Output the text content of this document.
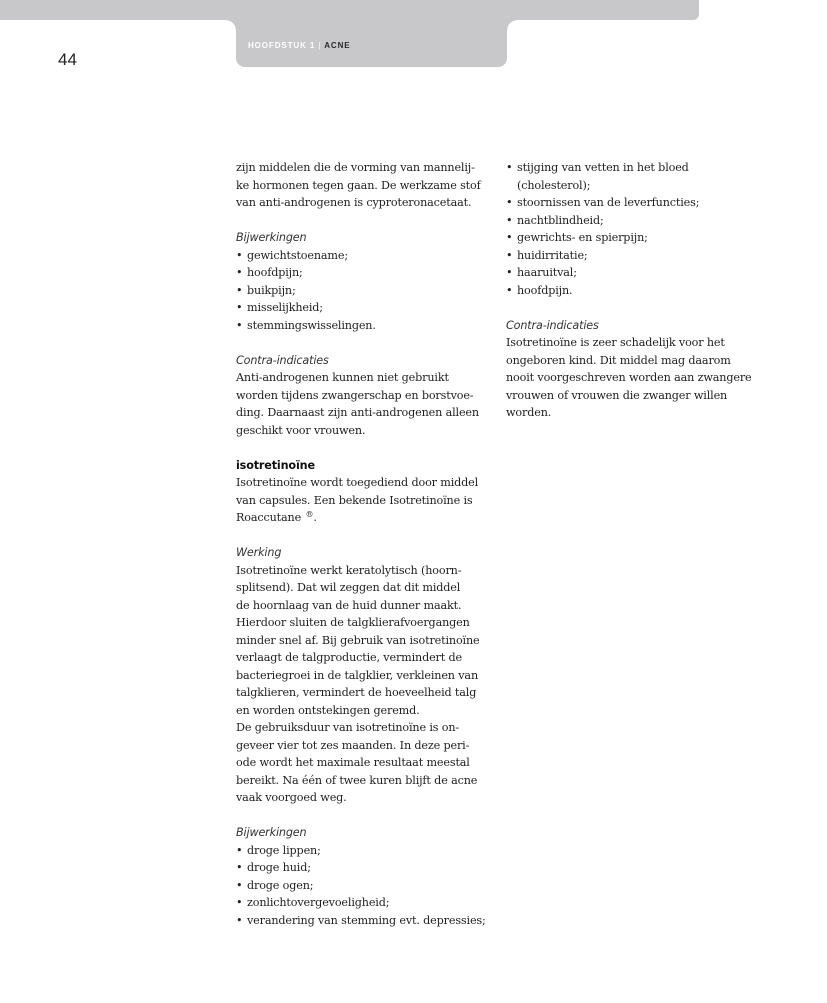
HOOFDSTUK 1 | ACNE
44
zijn middelen die de vorming van mannelij-
ke hormonen tegen gaan. De werkzame stof
van anti-androgenen is cyproteronacetaat.
Bijwerkingen
• gewichtstoename;
• hoofdpijn;
• buikpijn;
• misselijkheid;
• stemmingswisselingen.
Contra-indicaties
Anti-androgenen kunnen niet gebruikt
worden tijdens zwangerschap en borstvoe-
ding. Daarnaast zijn anti-androgenen alleen
geschikt voor vrouwen.
isotretinoïne
Isotretinoïne wordt toegediend door middel
van capsules. Een bekende Isotretinoïne is
Roaccutane ®.
Werking
Isotretinoïne werkt keratolytisch (hoorn-
splitsend). Dat wil zeggen dat dit middel
de hoornlaag van de huid dunner maakt.
Hierdoor sluiten de talgklierafvoergangen
minder snel af. Bij gebruik van isotretinoïne
verlaagt de talgproductie, vermindert de
bacteriegroei in de talgklier, verkleinen van
talgklieren, vermindert de hoeveelheid talg
en worden ontstekingen geremd.
De gebruiksduur van isotretinoïne is on-
geveer vier tot zes maanden. In deze peri-
ode wordt het maximale resultaat meestal
bereikt. Na één of twee kuren blijft de acne
vaak voorgoed weg.
Bijwerkingen
• droge lippen;
• droge huid;
• droge ogen;
• zonlichtovergevoeligheid;
• verandering van stemming evt. depressies;
• stijging van vetten in het bloed
(cholesterol);
• stoornissen van de leverfuncties;
• nachtblindheid;
• gewrichts- en spierpijn;
• huidirritatie;
• haaruitval;
• hoofdpijn.
Contra-indicaties
Isotretinoïne is zeer schadelijk voor het
ongeboren kind. Dit middel mag daarom
nooit voorgeschreven worden aan zwangere
vrouwen of vrouwen die zwanger willen
worden.
